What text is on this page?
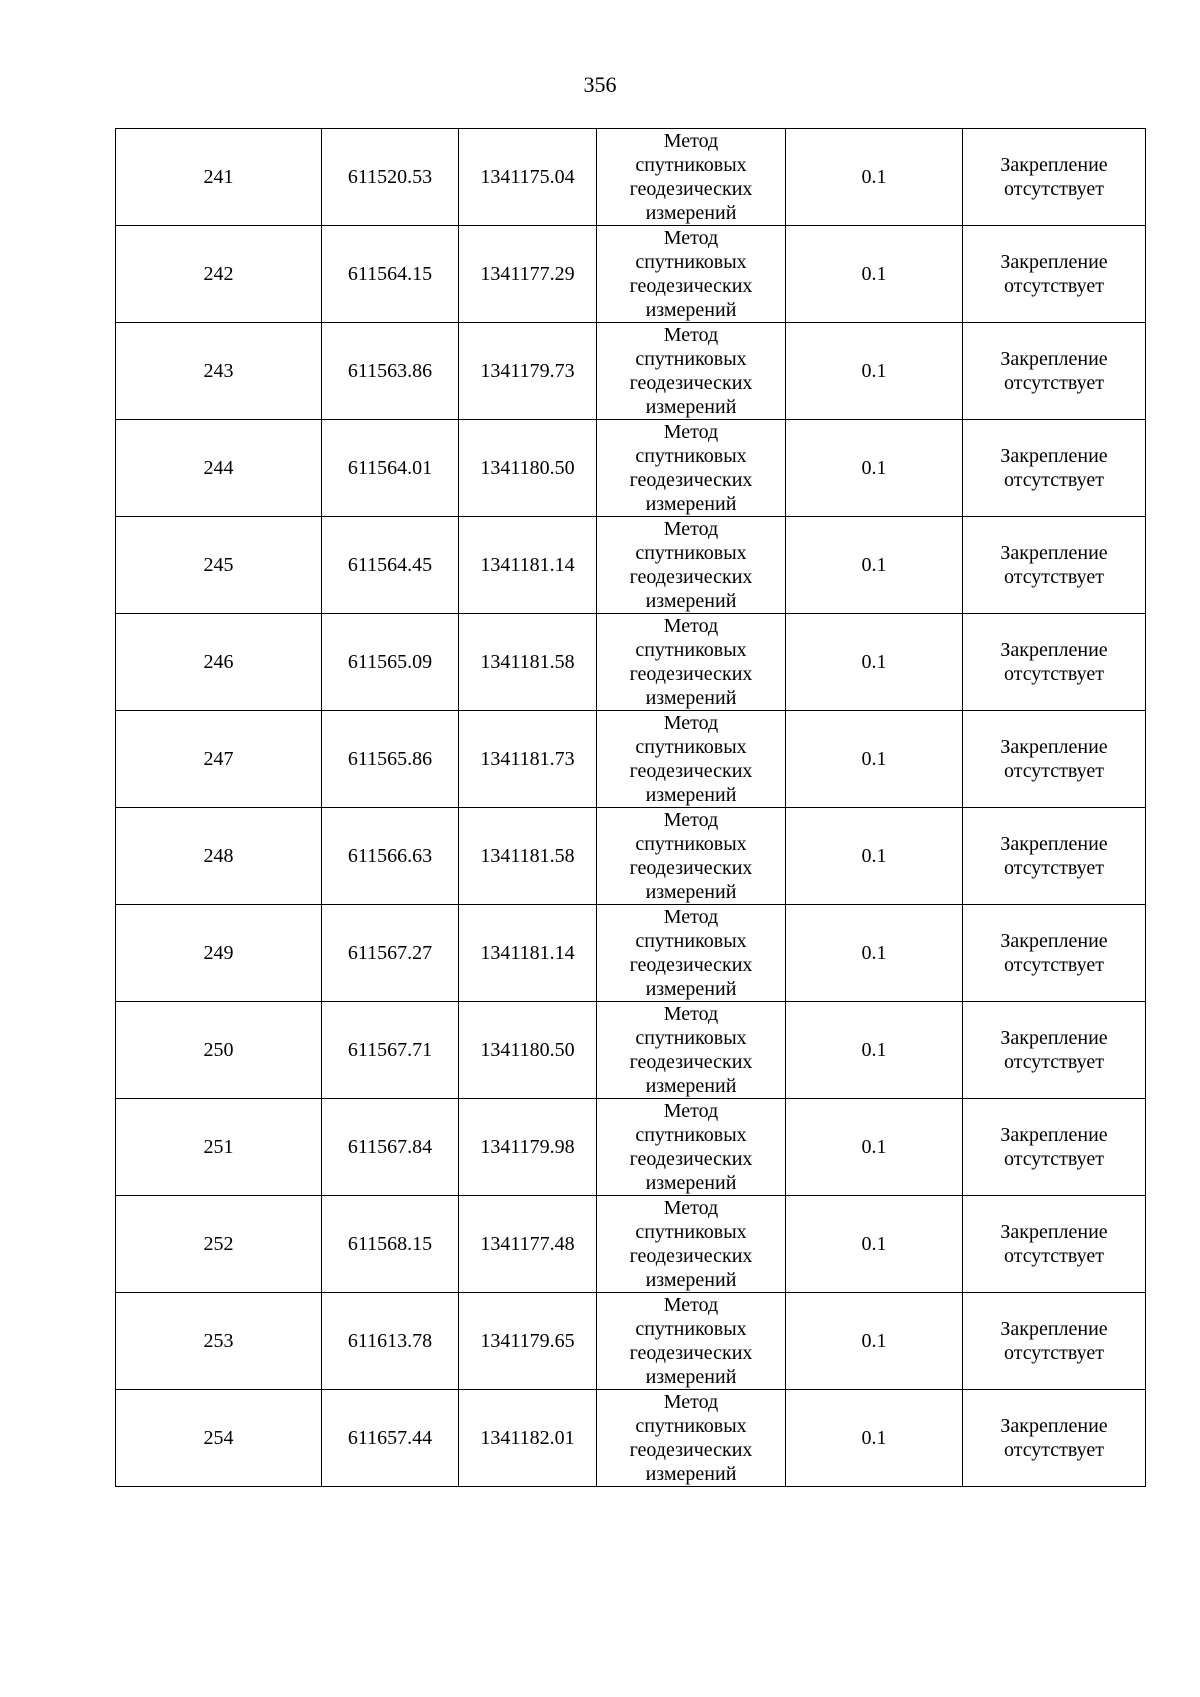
356
241	611520.53	1341175.04	Метод
спутниковых
геодезических
измерений	0.1	Закрепление
отсутствует

242	611564.15	1341177.29	Метод
спутниковых
геодезических
измерений	0.1	Закрепление
отсутствует

243	611563.86	1341179.73	Метод
спутниковых
геодезических
измерений	0.1	Закрепление
отсутствует

244	611564.01	1341180.50	Метод
спутниковых
геодезических
измерений	0.1	Закрепление
отсутствует

245	611564.45	1341181.14	Метод
спутниковых
геодезических
измерений	0.1	Закрепление
отсутствует

246	611565.09	1341181.58	Метод
спутниковых
геодезических
измерений	0.1	Закрепление
отсутствует

247	611565.86	1341181.73	Метод
спутниковых
геодезических
измерений	0.1	Закрепление
отсутствует

248	611566.63	1341181.58	Метод
спутниковых
геодезических
измерений	0.1	Закрепление
отсутствует

249	611567.27	1341181.14	Метод
спутниковых
геодезических
измерений	0.1	Закрепление
отсутствует

250	611567.71	1341180.50	Метод
спутниковых
геодезических
измерений	0.1	Закрепление
отсутствует

251	611567.84	1341179.98	Метод
спутниковых
геодезических
измерений	0.1	Закрепление
отсутствует

252	611568.15	1341177.48	Метод
спутниковых
геодезических
измерений	0.1	Закрепление
отсутствует

253	611613.78	1341179.65	Метод
спутниковых
геодезических
измерений	0.1	Закрепление
отсутствует

254	611657.44	1341182.01	Метод
спутниковых
геодезических
измерений	0.1	Закрепление
отсутствует
